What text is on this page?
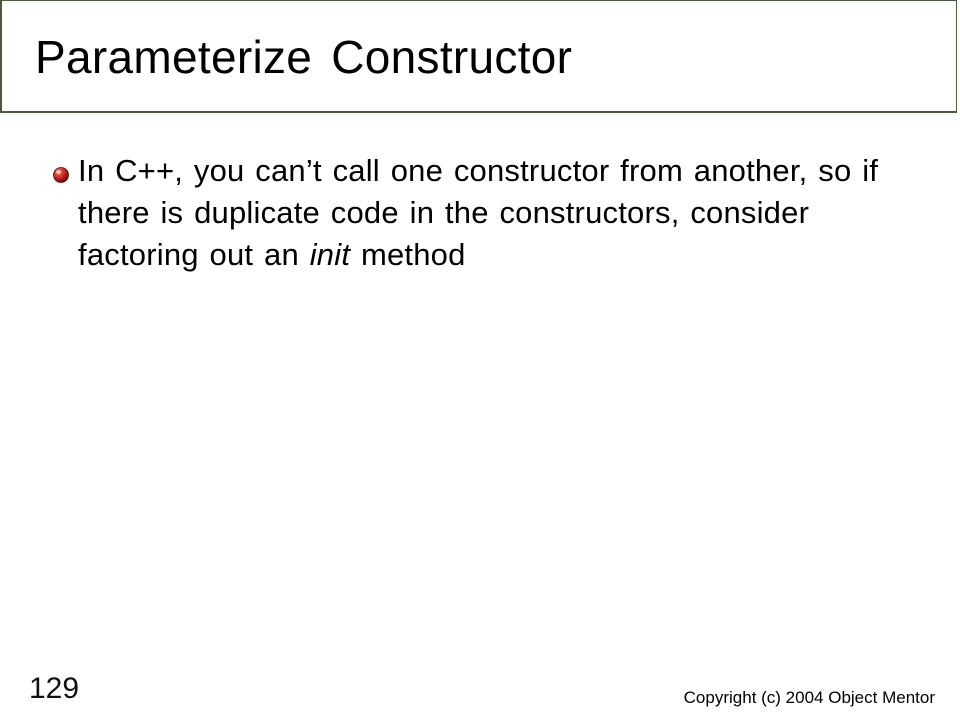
Parameterize Constructor
In C++, you can’t call one constructor from another, so if there is duplicate code in the constructors, consider factoring out an init method
129	Copyright (c) 2004 Object Mentor
